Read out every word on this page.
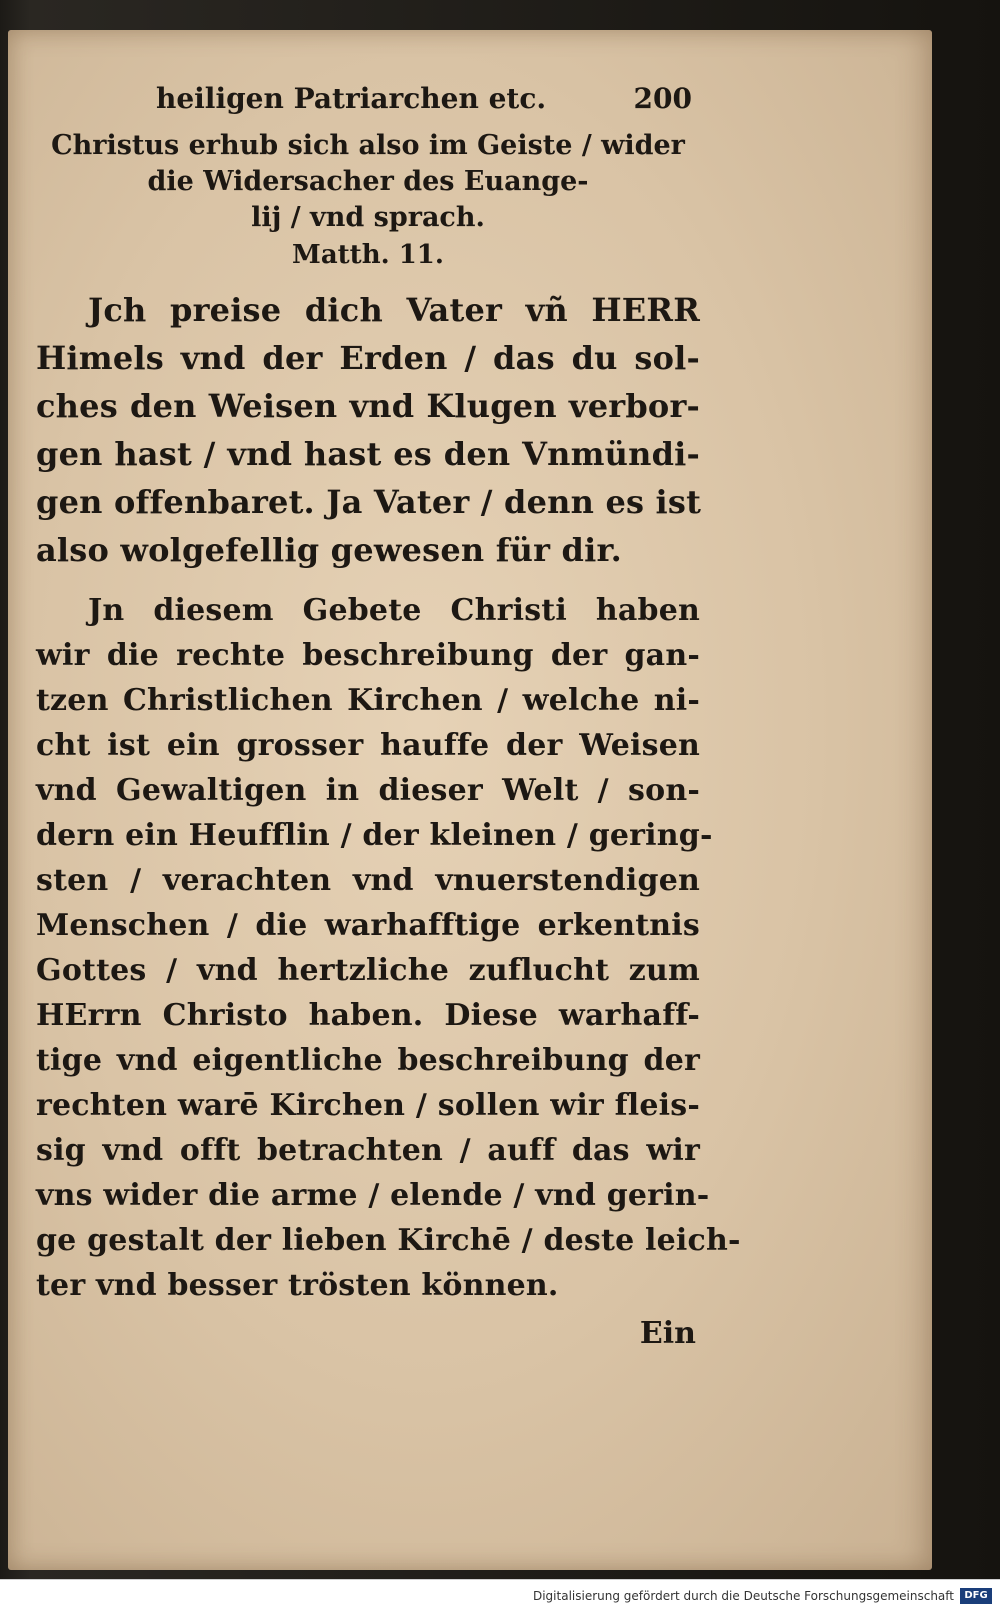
heiligen Patriarchen etc.	200
Christus erhub sich also im Geiste / wider
die Widersacher des Euange-
lij / vnd sprach.
Matth. 11.
Jch preise dich Vater vñ HERR
Himels vnd der Erden / das du sol-
ches den Weisen vnd Klugen verbor-
gen hast / vnd hast es den Vnmündi-
gen offenbaret. Ja Vater / denn es ist
also wolgefellig gewesen für dir.
Jn diesem Gebete Christi haben
wir die rechte beschreibung der gan-
tzen Christlichen Kirchen / welche ni-
cht ist ein grosser hauffe der Weisen
vnd Gewaltigen in dieser Welt / son-
dern ein Heufflin / der kleinen / gering-
sten / verachten vnd vnuerstendigen
Menschen / die warhafftige erkentnis
Gottes / vnd hertzliche zuflucht zum
HErrn Christo haben. Diese warhaff-
tige vnd eigentliche beschreibung der
rechten warē Kirchen / sollen wir fleis-
sig vnd offt betrachten / auff das wir
vns wider die arme / elende / vnd gerin-
ge gestalt der lieben Kirchē / deste leich-
ter vnd besser trösten können.
Ein
Digitalisierung gefördert durch die Deutsche Forschungsgemeinschaft	DFG
